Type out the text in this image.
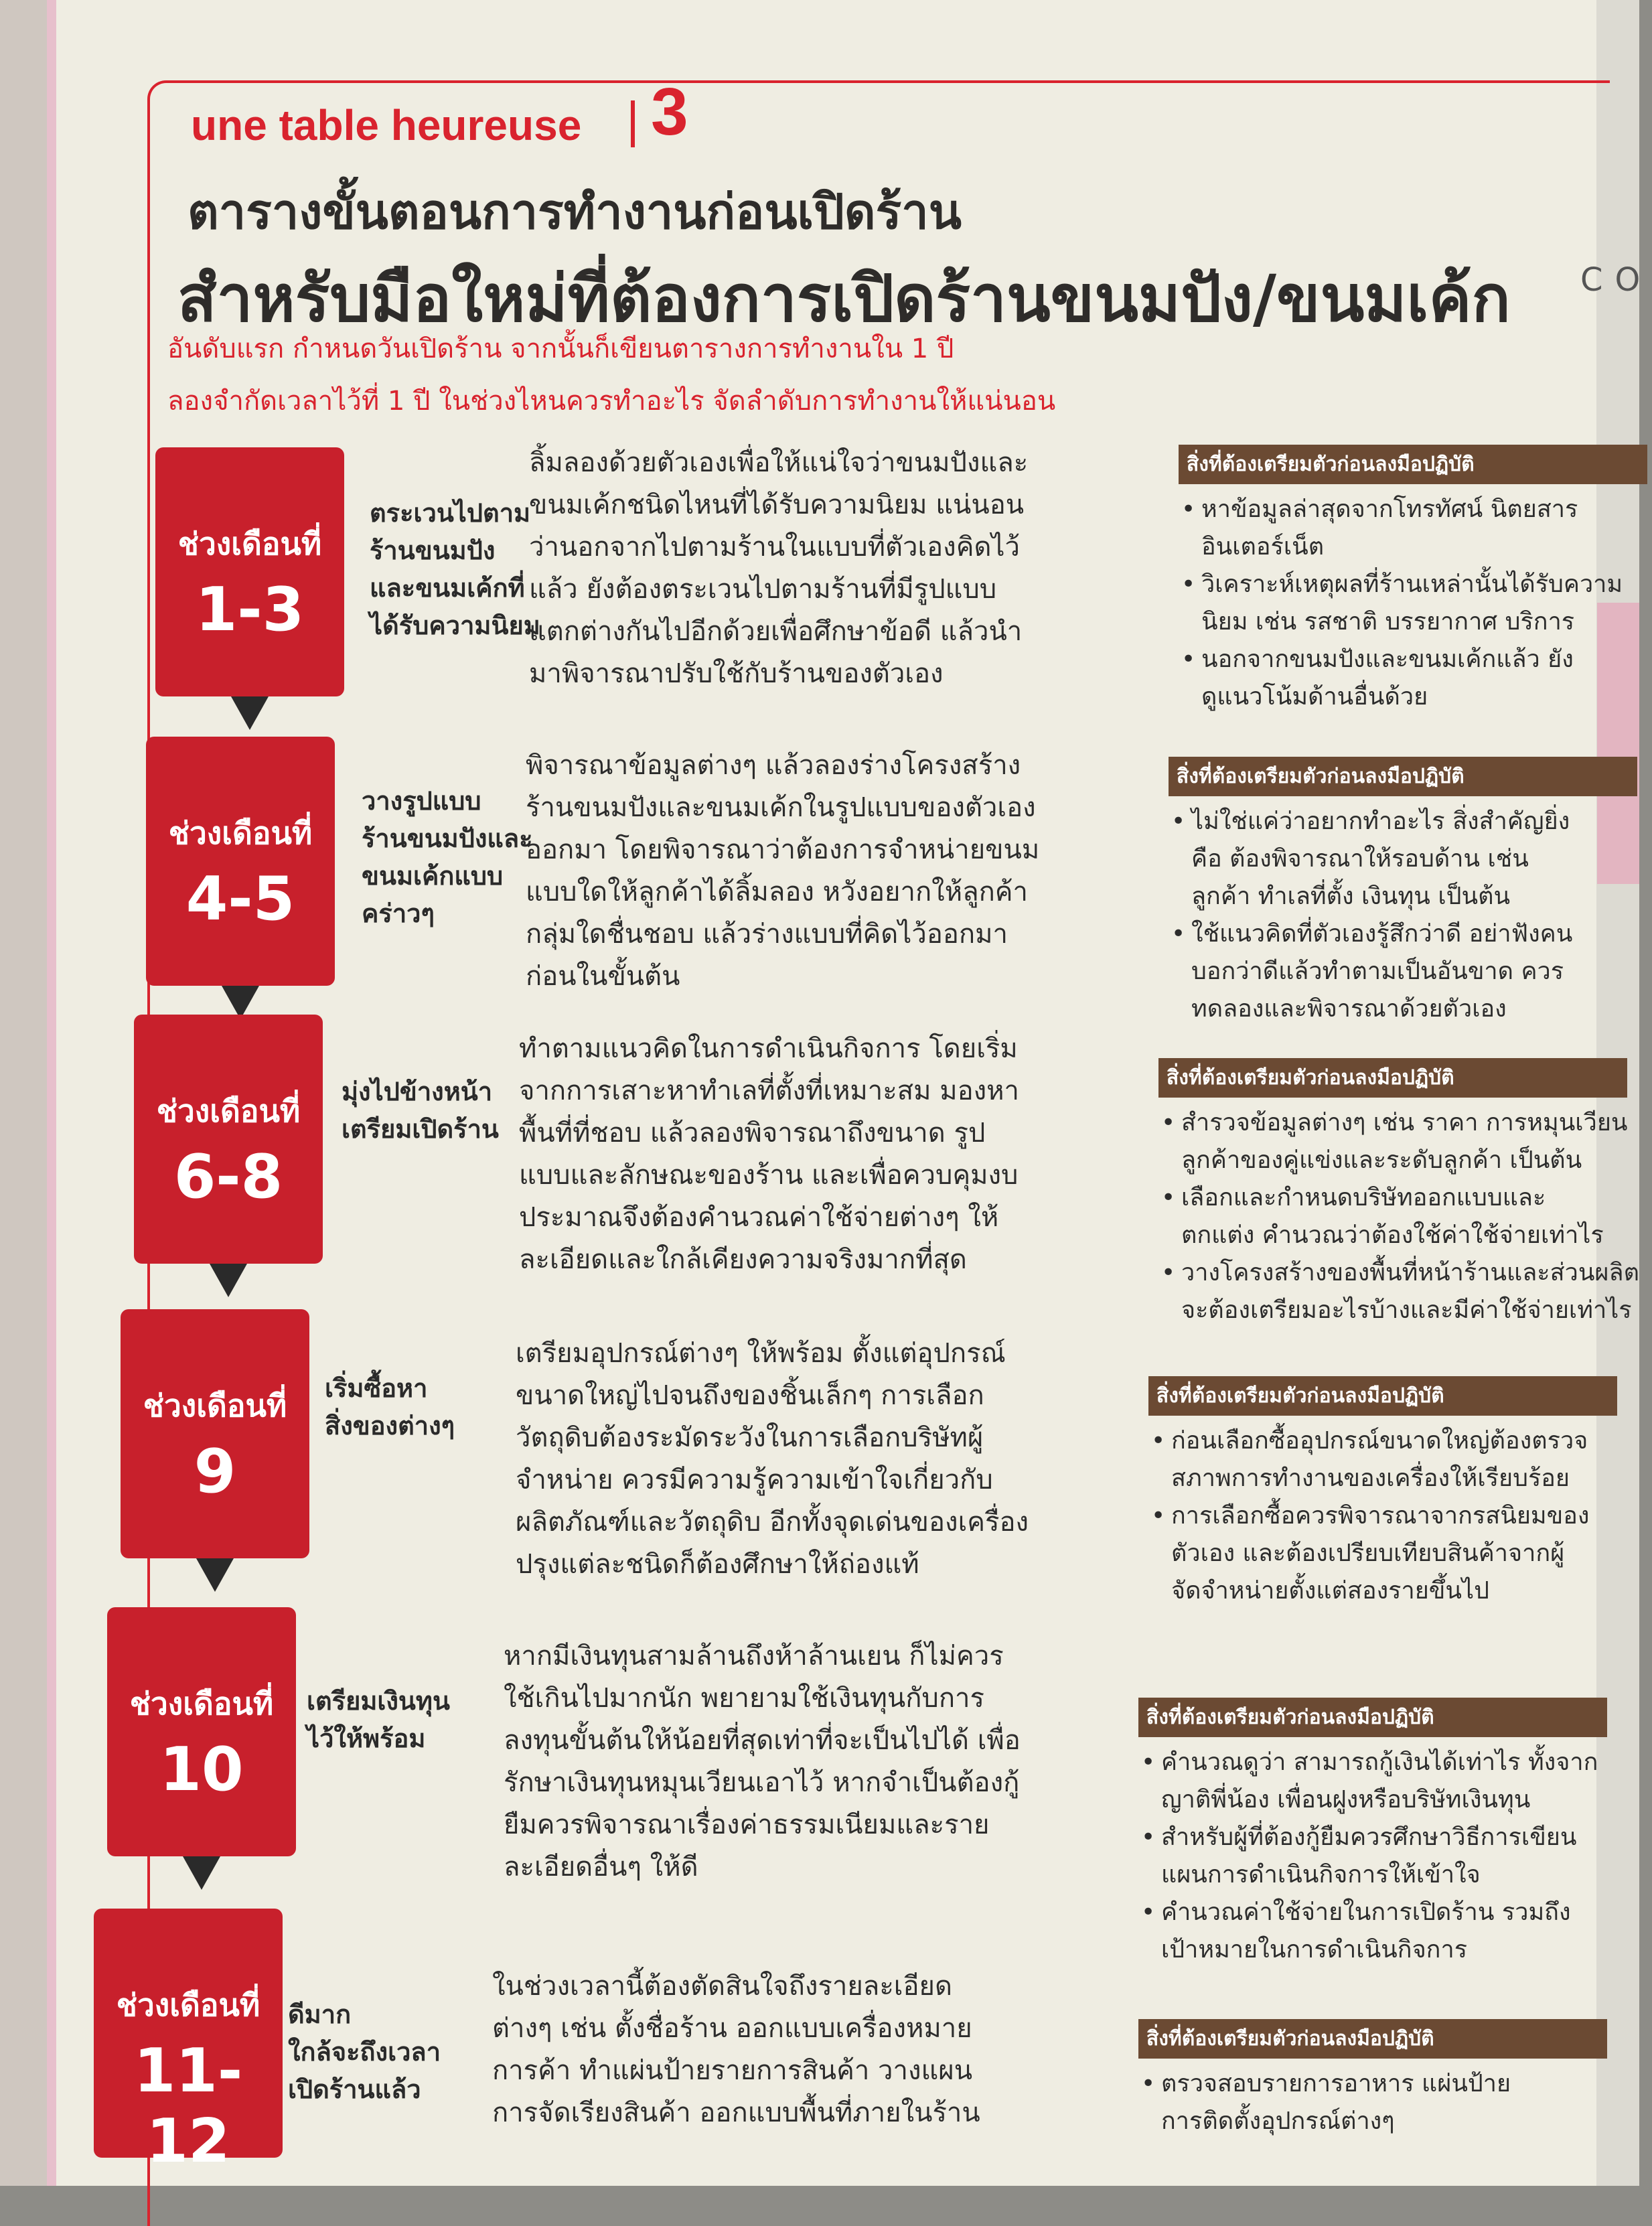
une table heureuse 3
ตารางขั้นตอนการทำงานก่อนเปิดร้าน
สำหรับมือใหม่ที่ต้องการเปิดร้านขนมปัง/ขนมเค้ก	CO
อันดับแรก กำหนดวันเปิดร้าน จากนั้นก็เขียนตารางการทำงานใน 1 ปี
ลองจำกัดเวลาไว้ที่ 1 ปี ในช่วงไหนควรทำอะไร จัดลำดับการทำงานให้แน่นอน
ช่วงเดือนที่
1-3
ตระเวนไปตาม
ร้านขนมปัง
และขนมเค้กที่
ได้รับความนิยม
ลิ้มลองด้วยตัวเองเพื่อให้แน่ใจว่าขนมปังและ
ขนมเค้กชนิดไหนที่ได้รับความนิยม แน่นอน
ว่านอกจากไปตามร้านในแบบที่ตัวเองคิดไว้
แล้ว ยังต้องตระเวนไปตามร้านที่มีรูปแบบ
แตกต่างกันไปอีกด้วยเพื่อศึกษาข้อดี แล้วนำ
มาพิจารณาปรับใช้กับร้านของตัวเอง
สิ่งที่ต้องเตรียมตัวก่อนลงมือปฏิบัติ
• หาข้อมูลล่าสุดจากโทรทัศน์ นิตยสาร
อินเตอร์เน็ต
• วิเคราะห์เหตุผลที่ร้านเหล่านั้นได้รับความ
นิยม เช่น รสชาติ บรรยากาศ บริการ
• นอกจากขนมปังและขนมเค้กแล้ว ยัง
ดูแนวโน้มด้านอื่นด้วย
ช่วงเดือนที่
4-5
วางรูปแบบ
ร้านขนมปังและ
ขนมเค้กแบบ
คร่าวๆ
พิจารณาข้อมูลต่างๆ แล้วลองร่างโครงสร้าง
ร้านขนมปังและขนมเค้กในรูปแบบของตัวเอง
ออกมา โดยพิจารณาว่าต้องการจำหน่ายขนม
แบบใดให้ลูกค้าได้ลิ้มลอง หวังอยากให้ลูกค้า
กลุ่มใดชื่นชอบ แล้วร่างแบบที่คิดไว้ออกมา
ก่อนในขั้นต้น
สิ่งที่ต้องเตรียมตัวก่อนลงมือปฏิบัติ
• ไม่ใช่แค่ว่าอยากทำอะไร สิ่งสำคัญยิ่ง
คือ ต้องพิจารณาให้รอบด้าน เช่น
ลูกค้า ทำเลที่ตั้ง เงินทุน เป็นต้น
• ใช้แนวคิดที่ตัวเองรู้สึกว่าดี อย่าฟังคน
บอกว่าดีแล้วทำตามเป็นอันขาด ควร
ทดลองและพิจารณาด้วยตัวเอง
ช่วงเดือนที่
6-8
มุ่งไปข้างหน้า
เตรียมเปิดร้าน
ทำตามแนวคิดในการดำเนินกิจการ โดยเริ่ม
จากการเสาะหาทำเลที่ตั้งที่เหมาะสม มองหา
พื้นที่ที่ชอบ แล้วลองพิจารณาถึงขนาด รูป
แบบและลักษณะของร้าน และเพื่อควบคุมงบ
ประมาณจึงต้องคำนวณค่าใช้จ่ายต่างๆ ให้
ละเอียดและใกล้เคียงความจริงมากที่สุด
สิ่งที่ต้องเตรียมตัวก่อนลงมือปฏิบัติ
• สำรวจข้อมูลต่างๆ เช่น ราคา การหมุนเวียน
ลูกค้าของคู่แข่งและระดับลูกค้า เป็นต้น
• เลือกและกำหนดบริษัทออกแบบและ
ตกแต่ง คำนวณว่าต้องใช้ค่าใช้จ่ายเท่าไร
• วางโครงสร้างของพื้นที่หน้าร้านและส่วนผลิต
จะต้องเตรียมอะไรบ้างและมีค่าใช้จ่ายเท่าไร
ช่วงเดือนที่
9
เริ่มซื้อหา
สิ่งของต่างๆ
เตรียมอุปกรณ์ต่างๆ ให้พร้อม ตั้งแต่อุปกรณ์
ขนาดใหญ่ไปจนถึงของชิ้นเล็กๆ การเลือก
วัตถุดิบต้องระมัดระวังในการเลือกบริษัทผู้
จำหน่าย ควรมีความรู้ความเข้าใจเกี่ยวกับ
ผลิตภัณฑ์และวัตถุดิบ อีกทั้งจุดเด่นของเครื่อง
ปรุงแต่ละชนิดก็ต้องศึกษาให้ถ่องแท้
สิ่งที่ต้องเตรียมตัวก่อนลงมือปฏิบัติ
• ก่อนเลือกซื้ออุปกรณ์ขนาดใหญ่ต้องตรวจ
สภาพการทำงานของเครื่องให้เรียบร้อย
• การเลือกซื้อควรพิจารณาจากรสนิยมของ
ตัวเอง และต้องเปรียบเทียบสินค้าจากผู้
จัดจำหน่ายตั้งแต่สองรายขึ้นไป
ช่วงเดือนที่
10
เตรียมเงินทุน
ไว้ให้พร้อม
หากมีเงินทุนสามล้านถึงห้าล้านเยน ก็ไม่ควร
ใช้เกินไปมากนัก พยายามใช้เงินทุนกับการ
ลงทุนขั้นต้นให้น้อยที่สุดเท่าที่จะเป็นไปได้ เพื่อ
รักษาเงินทุนหมุนเวียนเอาไว้ หากจำเป็นต้องกู้
ยืมควรพิจารณาเรื่องค่าธรรมเนียมและราย
ละเอียดอื่นๆ ให้ดี
สิ่งที่ต้องเตรียมตัวก่อนลงมือปฏิบัติ
• คำนวณดูว่า สามารถกู้เงินได้เท่าไร ทั้งจาก
ญาติพี่น้อง เพื่อนฝูงหรือบริษัทเงินทุน
• สำหรับผู้ที่ต้องกู้ยืมควรศึกษาวิธีการเขียน
แผนการดำเนินกิจการให้เข้าใจ
• คำนวณค่าใช้จ่ายในการเปิดร้าน รวมถึง
เป้าหมายในการดำเนินกิจการ
ช่วงเดือนที่
11-12
ดีมาก
ใกล้จะถึงเวลา
เปิดร้านแล้ว
ในช่วงเวลานี้ต้องตัดสินใจถึงรายละเอียด
ต่างๆ เช่น ตั้งชื่อร้าน ออกแบบเครื่องหมาย
การค้า ทำแผ่นป้ายรายการสินค้า วางแผน
การจัดเรียงสินค้า ออกแบบพื้นที่ภายในร้าน
สิ่งที่ต้องเตรียมตัวก่อนลงมือปฏิบัติ
• ตรวจสอบรายการอาหาร แผ่นป้าย
การติดตั้งอุปกรณ์ต่างๆ
